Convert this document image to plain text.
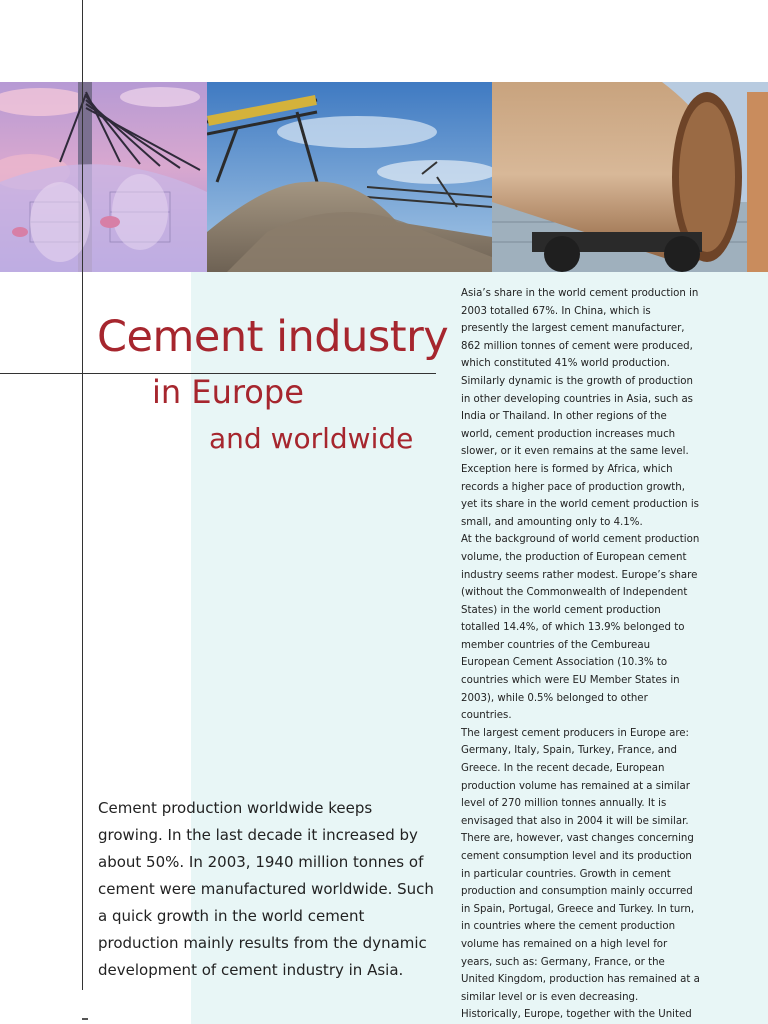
Cement industry
in Europe
and worldwide

Cement production worldwide keeps growing. In the last decade it increased by about 50%. In 2003, 1940 million tonnes of cement were manufactured worldwide. Such a quick growth in the world cement production mainly results from the dynamic development of cement industry in Asia.

Asia’s share in the world cement production in 2003 totalled 67%. In China, which is presently the largest cement manufacturer, 862 million tonnes of cement were produced, which constituted 41% world production. Similarly dynamic is the growth of production in other developing countries in Asia, such as India or Thailand. In other regions of the world, cement production increases much slower, or it even remains at the same level. Exception here is formed by Africa, which records a higher pace of production growth, yet its share in the world cement production is small, and amounting only to 4.1%.

At the background of world cement production volume, the production of European cement industry seems rather modest. Europe’s share (without the Commonwealth of Independent States) in the world cement production totalled 14.4%, of which 13.9% belonged to member countries of the Cembureau European Cement Association (10.3% to countries which were EU Member States in 2003), while 0.5% belonged to other countries.

The largest cement producers in Europe are: Germany, Italy, Spain, Turkey, France, and Greece. In the recent decade, European production volume has remained at a similar level of 270 million tonnes annually. It is envisaged that also in 2004 it will be similar. There are, however, vast changes concerning cement consumption level and its production in particular countries. Growth in cement production and consumption mainly occurred in Spain, Portugal, Greece and Turkey. In turn, in countries where the cement production volume has remained on a high level for years, such as: Germany, France, or the United Kingdom, production has remained at a similar level or is even decreasing.

Historically, Europe, together with the United
